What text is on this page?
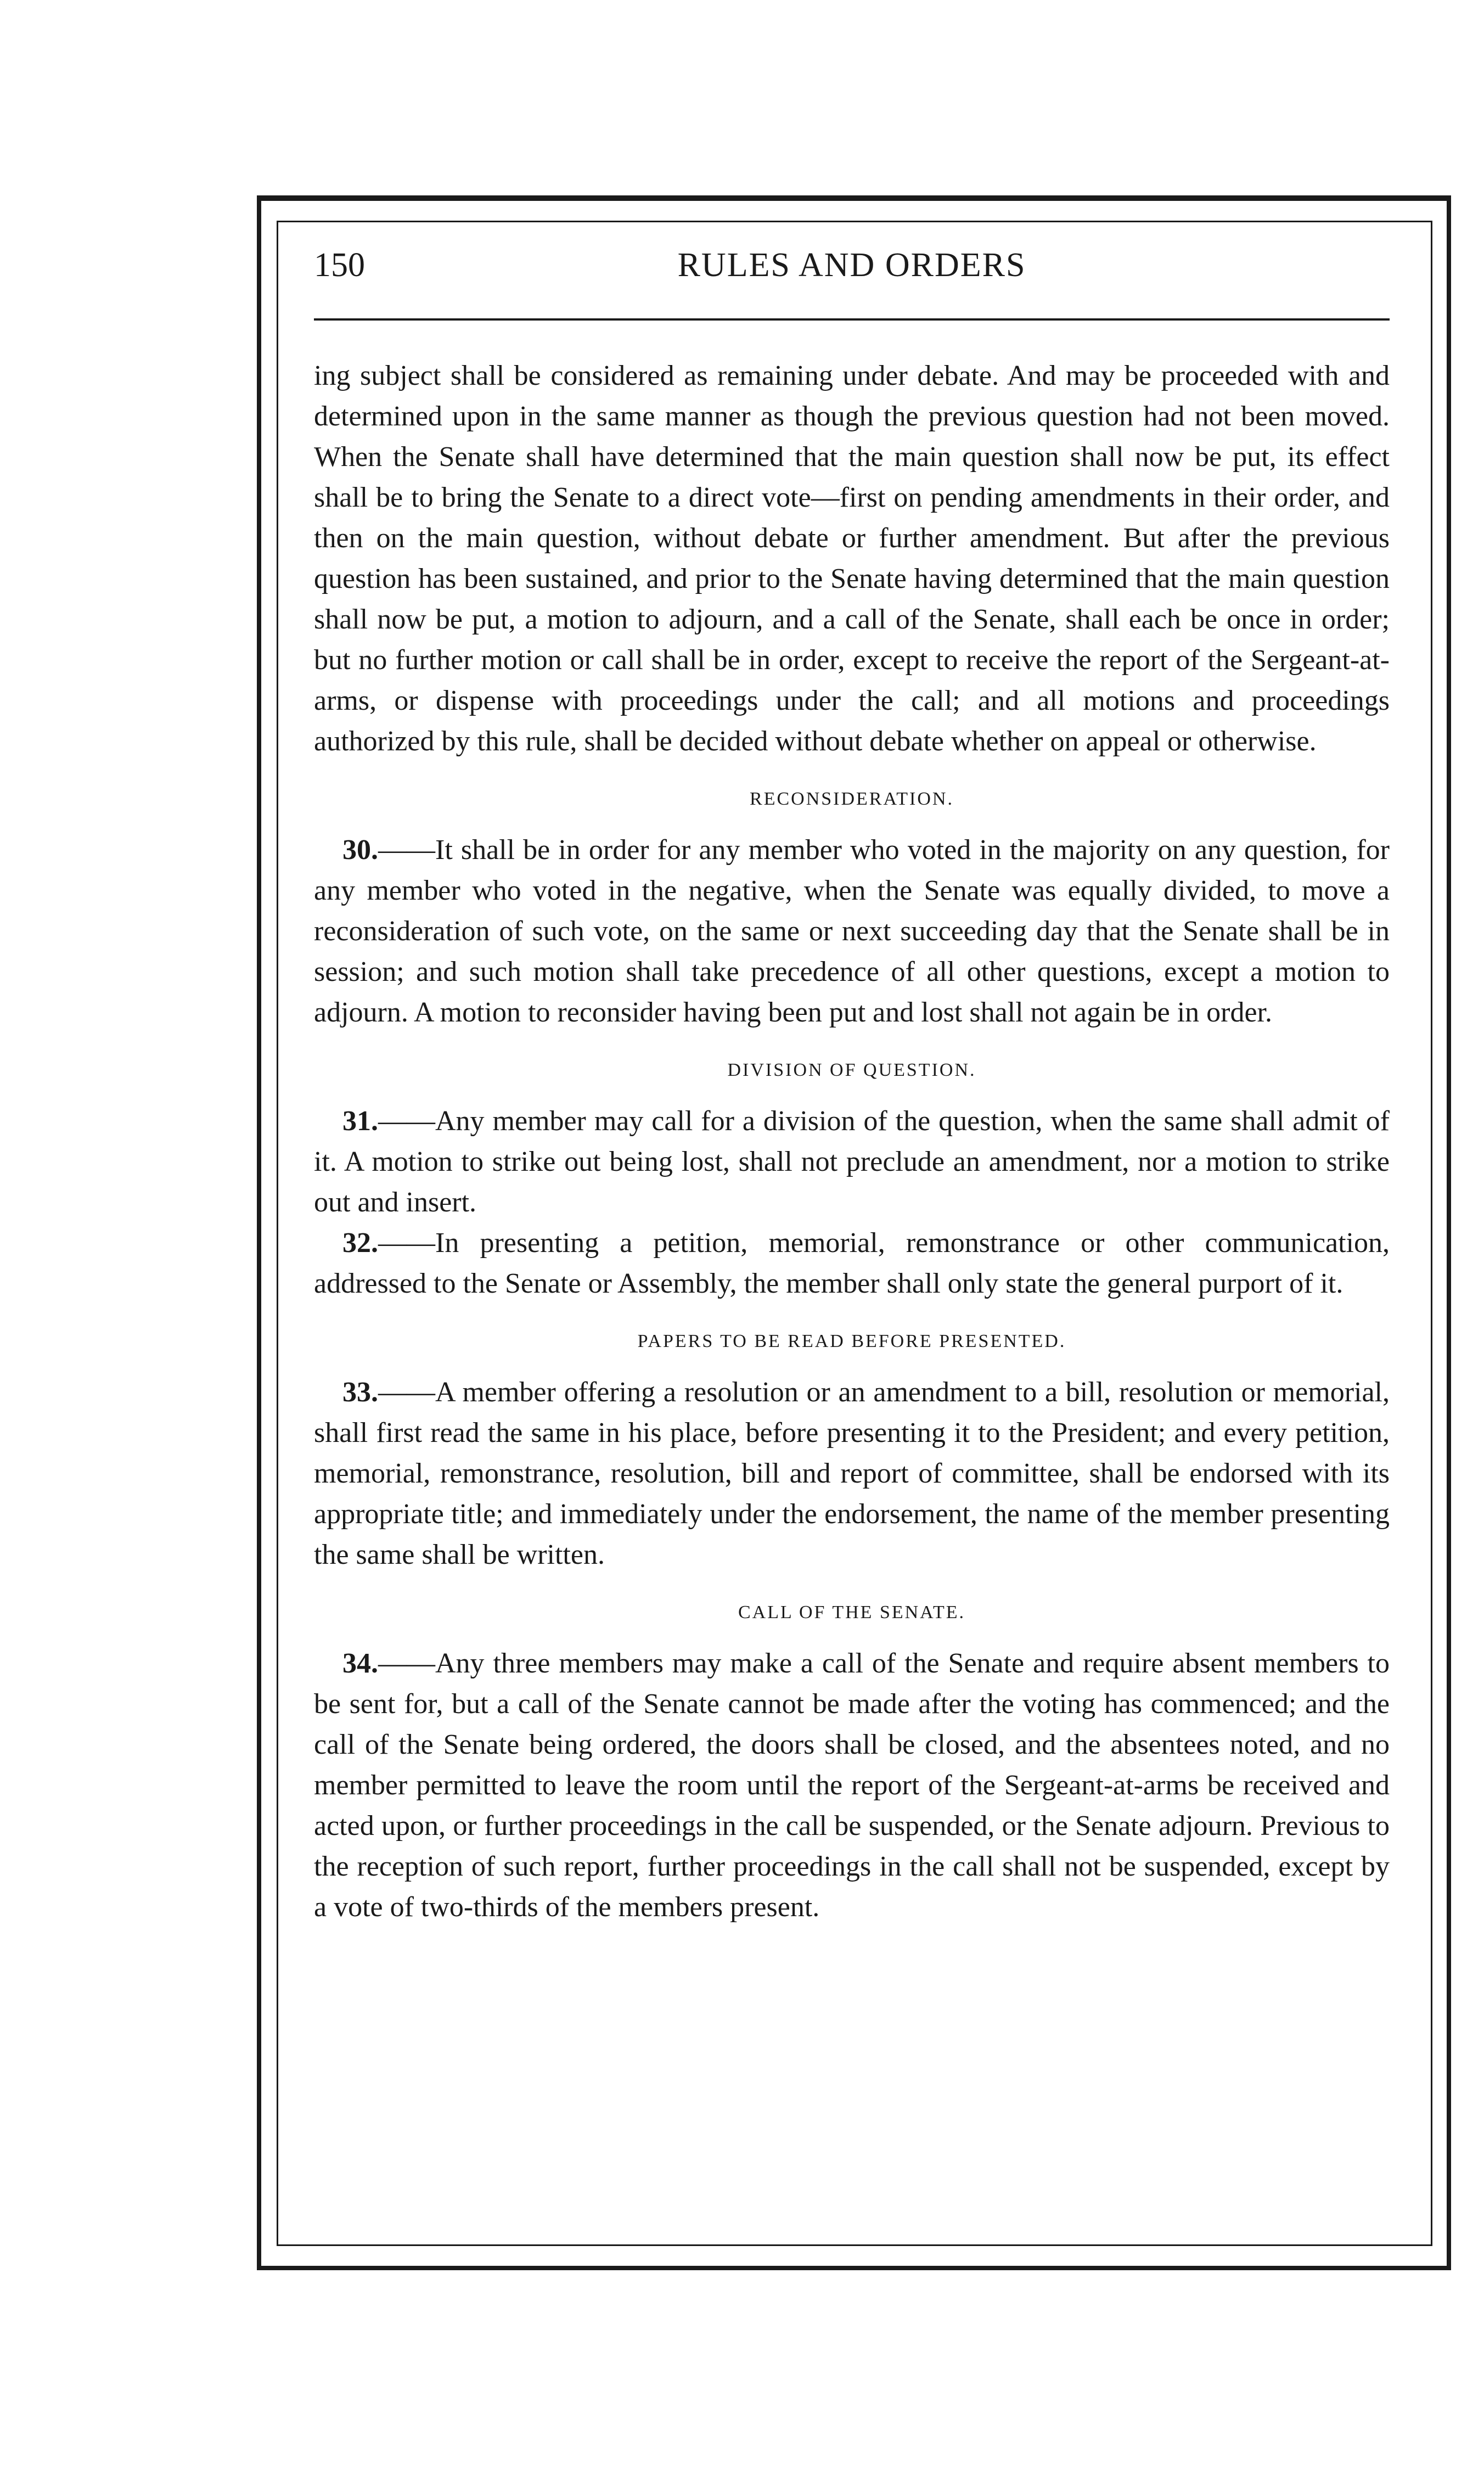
150	RULES AND ORDERS

ing subject shall be considered as remaining under debate. And may be proceeded with and determined upon in the same manner as though the previous question had not been moved. When the Senate shall have determined that the main question shall now be put, its effect shall be to bring the Senate to a direct vote—first on pending amendments in their order, and then on the main question, without debate or further amendment. But after the previous question has been sustained, and prior to the Senate having determined that the main question shall now be put, a motion to adjourn, and a call of the Senate, shall each be once in order; but no further motion or call shall be in order, except to receive the report of the Sergeant-at-arms, or dispense with proceedings under the call; and all motions and proceedings authorized by this rule, shall be decided without debate whether on appeal or otherwise.

RECONSIDERATION.

30.——It shall be in order for any member who voted in the majority on any question, for any member who voted in the negative, when the Senate was equally divided, to move a reconsideration of such vote, on the same or next succeeding day that the Senate shall be in session; and such motion shall take precedence of all other questions, except a motion to adjourn. A motion to reconsider having been put and lost shall not again be in order.

DIVISION OF QUESTION.

31.——Any member may call for a division of the question, when the same shall admit of it. A motion to strike out being lost, shall not preclude an amendment, nor a motion to strike out and insert.

32.——In presenting a petition, memorial, remonstrance or other communication, addressed to the Senate or Assembly, the member shall only state the general purport of it.

PAPERS TO BE READ BEFORE PRESENTED.

33.——A member offering a resolution or an amendment to a bill, resolution or memorial, shall first read the same in his place, before presenting it to the President; and every petition, memorial, remonstrance, resolution, bill and report of committee, shall be endorsed with its appropriate title; and immediately under the endorsement, the name of the member presenting the same shall be written.

CALL OF THE SENATE.

34.——Any three members may make a call of the Senate and require absent members to be sent for, but a call of the Senate cannot be made after the voting has commenced; and the call of the Senate being ordered, the doors shall be closed, and the absentees noted, and no member permitted to leave the room until the report of the Sergeant-at-arms be received and acted upon, or further proceedings in the call be suspended, or the Senate adjourn. Previous to the reception of such report, further proceedings in the call shall not be suspended, except by a vote of two-thirds of the members present.
